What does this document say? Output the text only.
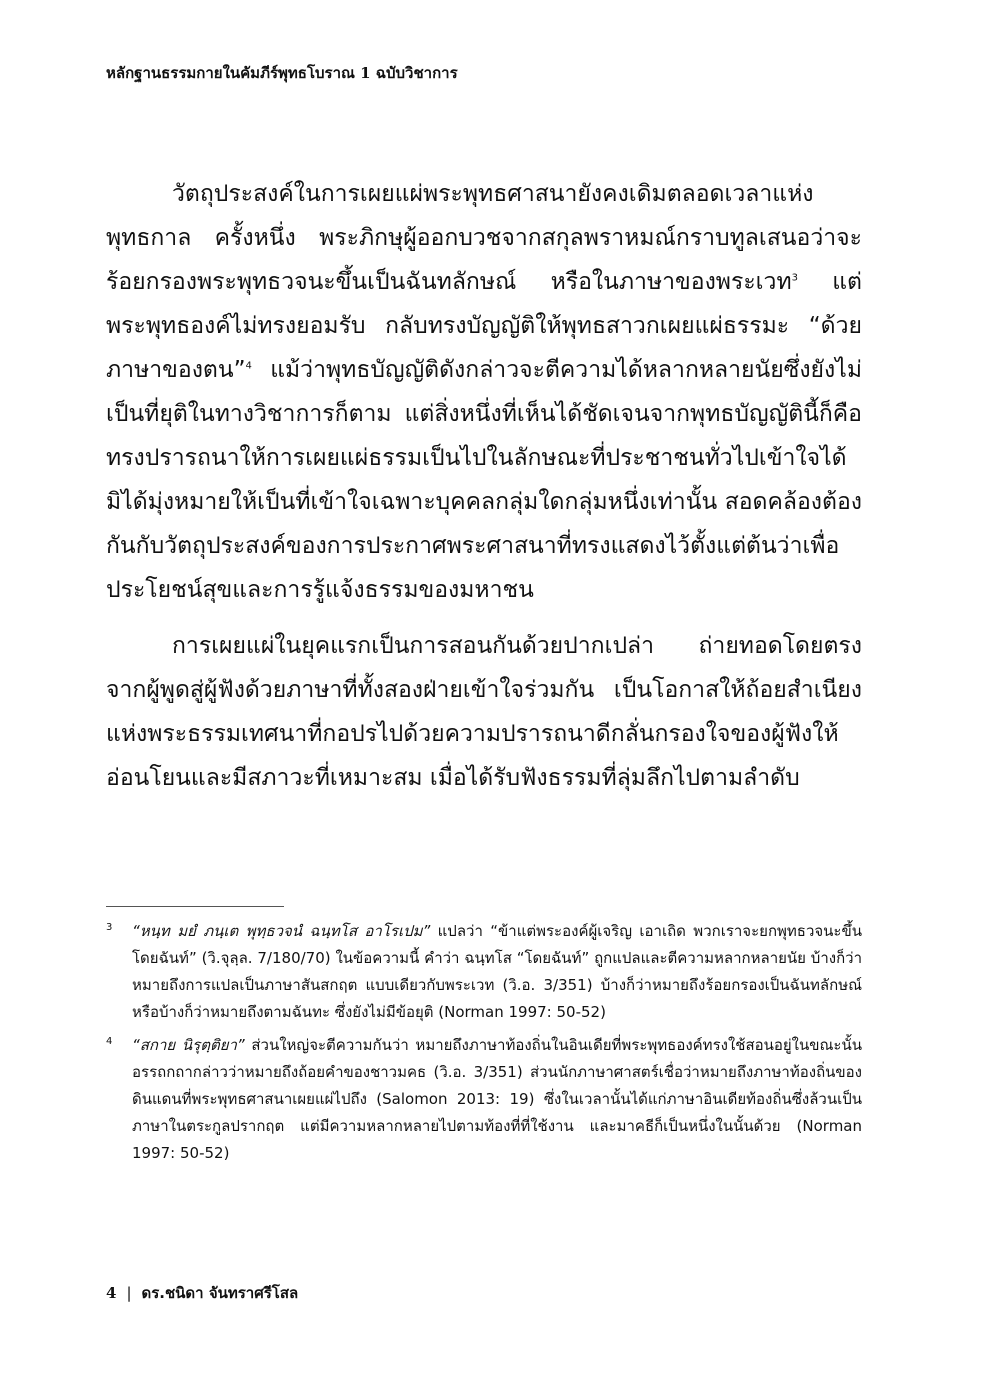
หลักฐานธรรมกายในคัมภีร์พุทธโบราณ 1 ฉบับวิชาการ

วัตถุประสงค์ในการเผยแผ่พระพุทธศาสนายังคงเดิมตลอดเวลาแห่งพุทธกาล ครั้งหนึ่ง พระภิกษุผู้ออกบวชจากสกุลพราหมณ์กราบทูลเสนอว่าจะร้อยกรองพระพุทธวจนะขึ้นเป็นฉันทลักษณ์ หรือในภาษาของพระเวท$^3$ แต่พระพุทธองค์ไม่ทรงยอมรับ กลับทรงบัญญัติให้พุทธสาวกเผยแผ่ธรรมะ “ด้วยภาษาของตน”$^4$ แม้ว่าพุทธบัญญัติดังกล่าวจะตีความได้หลากหลายนัยซึ่งยังไม่เป็นที่ยุติในทางวิชาการก็ตาม แต่สิ่งหนึ่งที่เห็นได้ชัดเจนจากพุทธบัญญัตินี้ก็คือ ทรงปรารถนาให้การเผยแผ่ธรรมเป็นไปในลักษณะที่ประชาชนทั่วไปเข้าใจได้ มิได้มุ่งหมายให้เป็นที่เข้าใจเฉพาะบุคคลกลุ่มใดกลุ่มหนึ่งเท่านั้น สอดคล้องต้องกันกับวัตถุประสงค์ของการประกาศพระศาสนาที่ทรงแสดงไว้ตั้งแต่ต้นว่าเพื่อประโยชน์สุขและการรู้แจ้งธรรมของมหาชน

การเผยแผ่ในยุคแรกเป็นการสอนกันด้วยปากเปล่า ถ่ายทอดโดยตรงจากผู้พูดสู่ผู้ฟังด้วยภาษาที่ทั้งสองฝ่ายเข้าใจร่วมกัน เป็นโอกาสให้ถ้อยสำเนียงแห่งพระธรรมเทศนาที่กอปรไปด้วยความปรารถนาดีกลั่นกรองใจของผู้ฟังให้อ่อนโยนและมีสภาวะที่เหมาะสม เมื่อได้รับฟังธรรมที่ลุ่มลึกไปตามลำดับ

3 “หนฺท มยํ ภนฺเต พุทฺธวจนํ ฉนฺทโส อาโรเปม” แปลว่า “ข้าแต่พระองค์ผู้เจริญ เอาเถิด พวกเราจะยกพุทธวจนะขึ้นโดยฉันท์” (วิ.จุลฺล. 7/180/70) ในข้อความนี้ คำว่า ฉนฺทโส “โดยฉันท์” ถูกแปลและตีความหลากหลายนัย บ้างก็ว่าหมายถึงการแปลเป็นภาษาสันสกฤต แบบเดียวกับพระเวท (วิ.อ. 3/351) บ้างก็ว่าหมายถึงร้อยกรองเป็นฉันทลักษณ์ หรือบ้างก็ว่าหมายถึงตามฉันทะ ซึ่งยังไม่มีข้อยุติ (Norman 1997: 50-52)
4 “สกาย นิรุตฺติยา” ส่วนใหญ่จะตีความกันว่า หมายถึงภาษาท้องถิ่นในอินเดียที่พระพุทธองค์ทรงใช้สอนอยู่ในขณะนั้น อรรถกถากล่าวว่าหมายถึงถ้อยคำของชาวมคธ (วิ.อ. 3/351) ส่วนนักภาษาศาสตร์เชื่อว่าหมายถึงภาษาท้องถิ่นของดินแดนที่พระพุทธศาสนาเผยแผ่ไปถึง (Salomon 2013: 19) ซึ่งในเวลานั้นได้แก่ภาษาอินเดียท้องถิ่นซึ่งล้วนเป็นภาษาในตระกูลปรากฤต แต่มีความหลากหลายไปตามท้องที่ที่ใช้งาน และมาคธีก็เป็นหนึ่งในนั้นด้วย (Norman 1997: 50-52)
4 | ดร.ชนิดา จันทราศรีโสล
